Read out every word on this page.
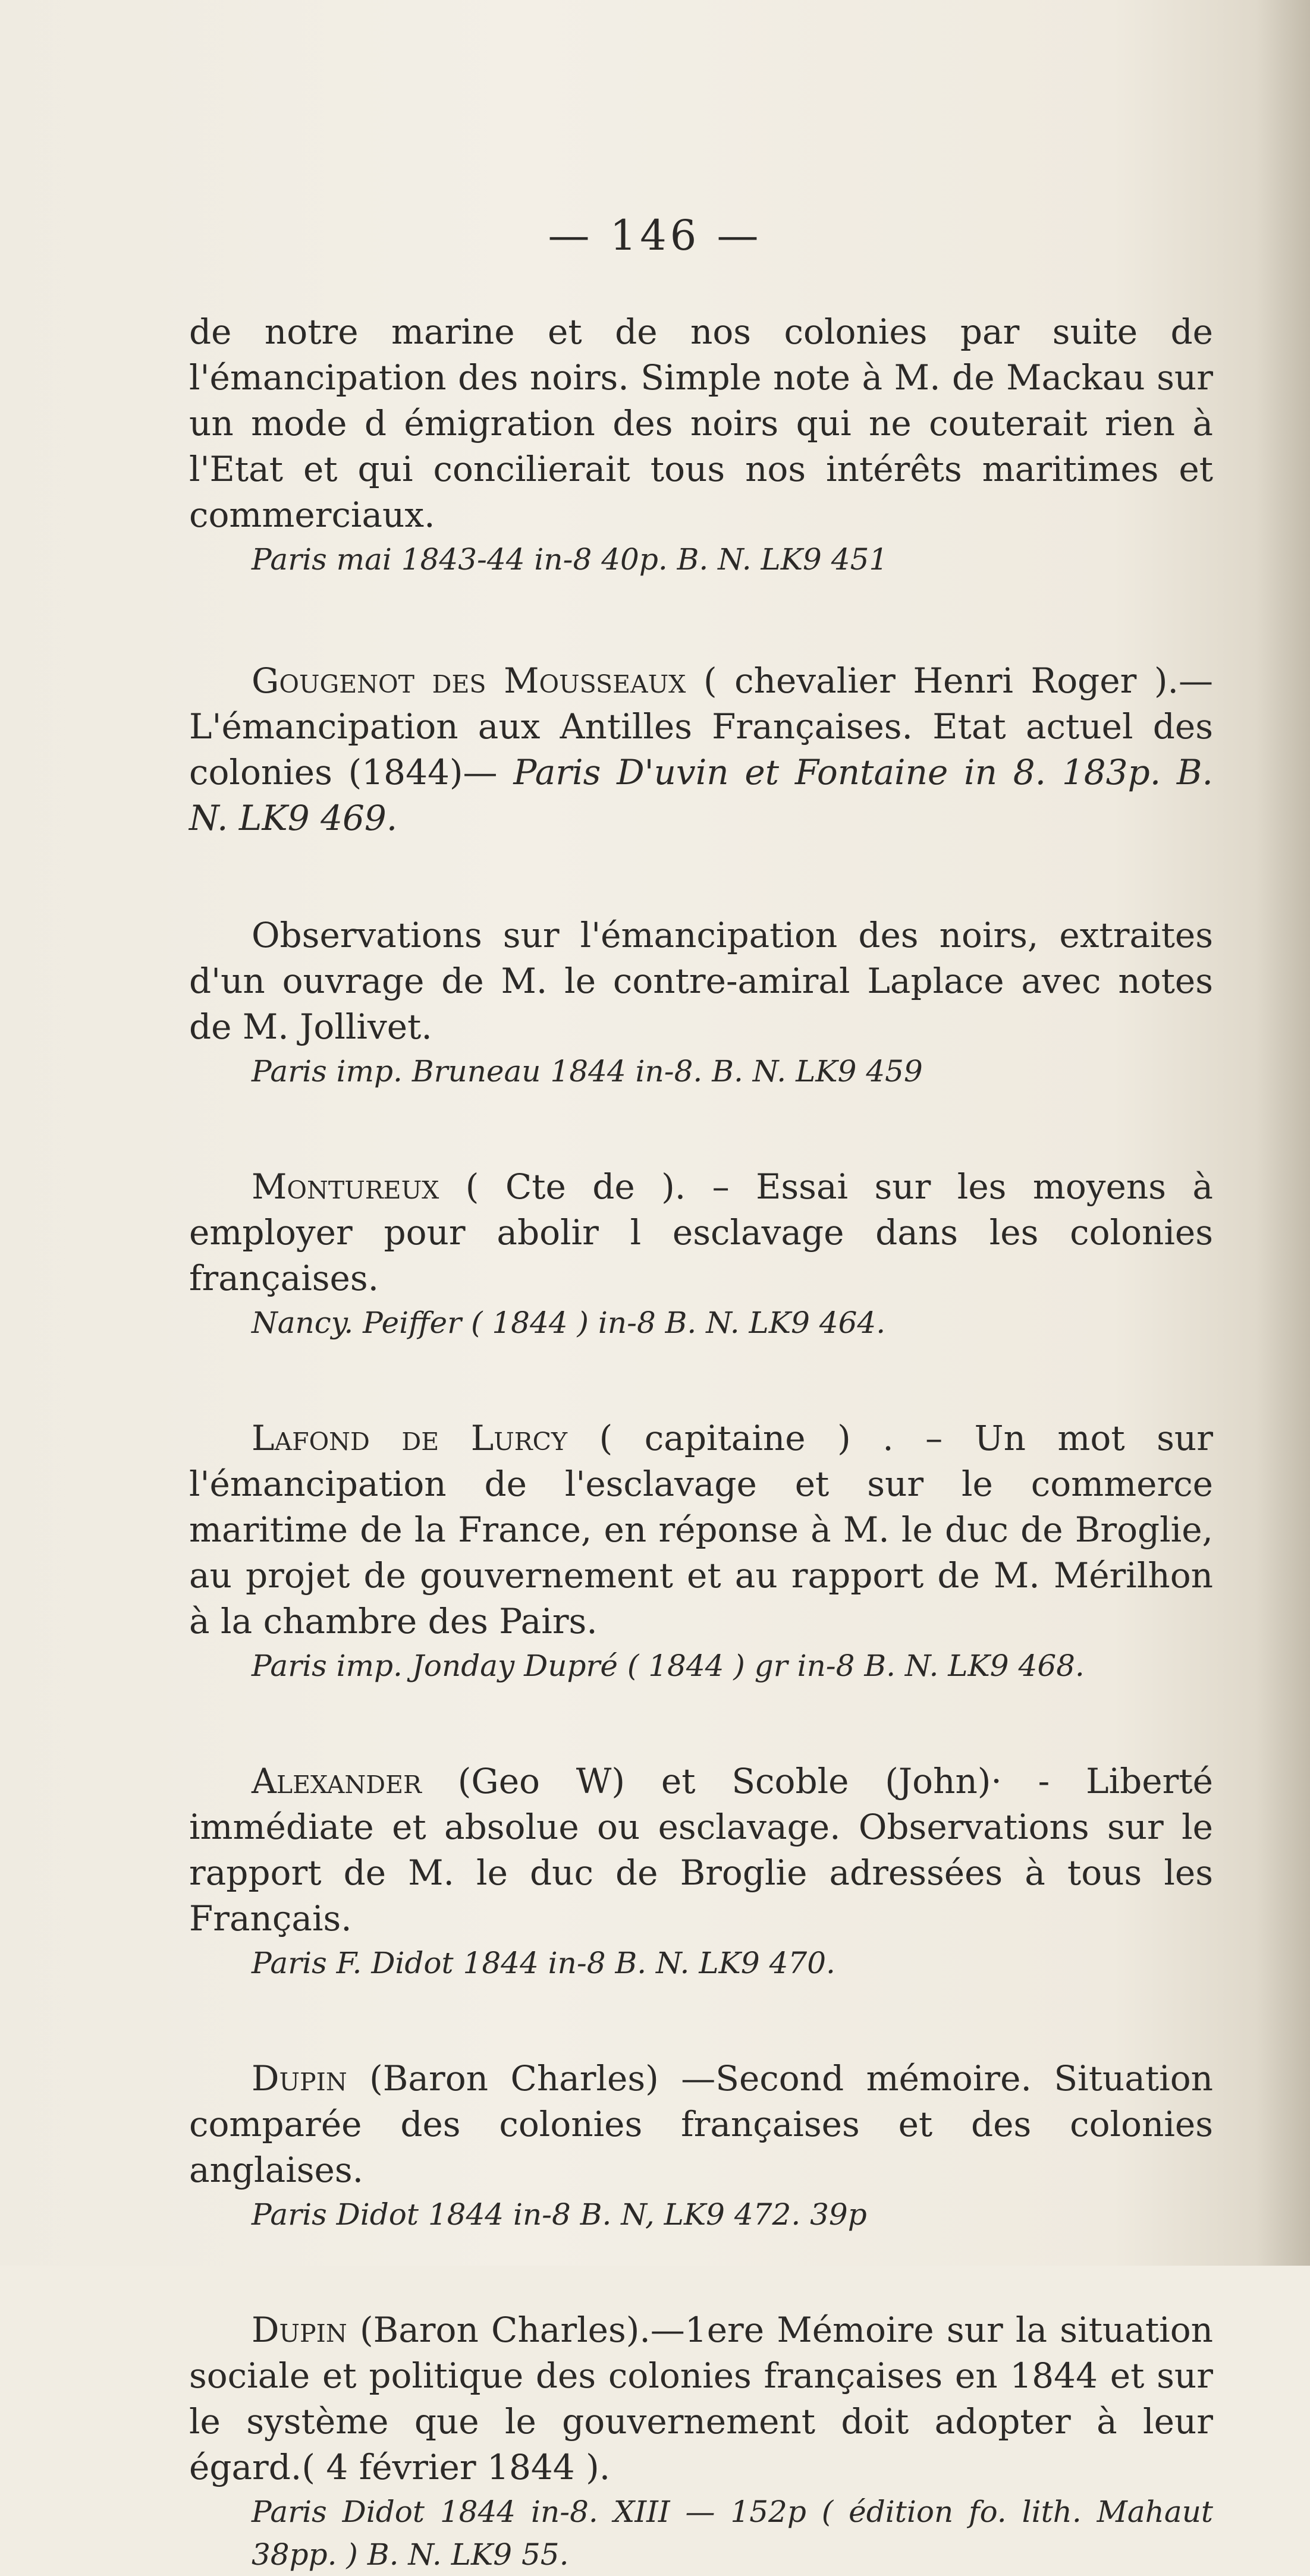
— 146 —

de notre marine et de nos colonies par suite de l'émancipation des noirs. Simple note à M. de Mackau sur un mode d émigration des noirs qui ne couterait rien à l'Etat et qui concilierait tous nos intérêts maritimes et commerciaux.

Paris mai 1843-44 in-8 40p. B. N. LK9 451

Gougenot des Mousseaux ( chevalier Henri Roger ).— L'émancipation aux Antilles Françaises. Etat actuel des colonies (1844)— Paris D'uvin et Fontaine in 8. 183p. B. N. LK9 469.

Observations sur l'émancipation des noirs, extraites d'un ouvrage de M. le contre-amiral Laplace avec notes de M. Jollivet.

Paris imp. Bruneau 1844 in-8. B. N. LK9 459

Montureux ( Cte de ). – Essai sur les moyens à employer pour abolir l esclavage dans les colonies françaises.

Nancy. Peiffer ( 1844 ) in-8 B. N. LK9 464.

Lafond de Lurcy ( capitaine ) . – Un mot sur l'émancipation de l'esclavage et sur le commerce maritime de la France, en réponse à M. le duc de Broglie, au projet de gouvernement et au rapport de M. Mérilhon à la chambre des Pairs.

Paris imp. Jonday Dupré ( 1844 ) gr in-8 B. N. LK9 468.

Alexander (Geo W) et Scoble (John)· - Liberté immédiate et absolue ou esclavage. Observations sur le rapport de M. le duc de Broglie adressées à tous les Français.

Paris F. Didot 1844 in-8 B. N. LK9 470.

Dupin (Baron Charles) —Second mémoire. Situation comparée des colonies françaises et des colonies anglaises.

Paris Didot 1844 in-8 B. N, LK9 472. 39p

Dupin (Baron Charles).—1ere Mémoire sur la situation sociale et politique des colonies françaises en 1844 et sur le système que le gouvernement doit adopter à leur égard.( 4 février 1844 ).

Paris Didot 1844 in-8. XIII — 152p ( édition fo. lith. Mahaut 38pp. ) B. N. LK9 55.
